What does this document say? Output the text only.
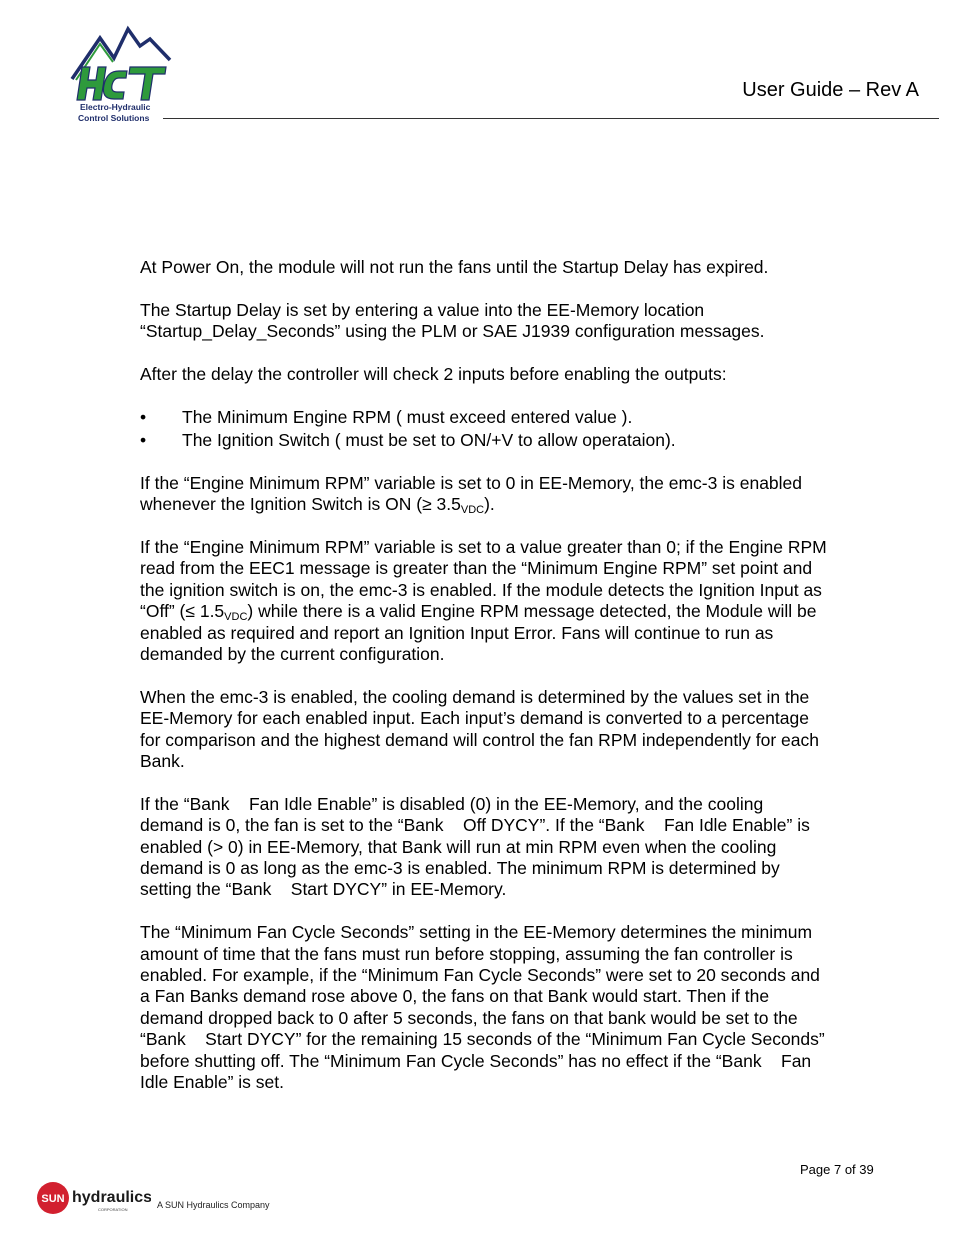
Electro-Hydraulic
Control Solutions
User Guide – Rev A

At Power On, the module will not run the fans until the Startup Delay has expired.

The Startup Delay is set by entering a value into the EE-Memory location “Startup_Delay_Seconds” using the PLM or SAE J1939 configuration messages.

After the delay the controller will check 2 inputs before enabling the outputs:

• The Minimum Engine RPM ( must exceed entered value ).
• The Ignition Switch ( must be set to ON/+V to allow operataion).

If the “Engine Minimum RPM” variable is set to 0 in EE-Memory, the emc-3 is enabled whenever the Ignition Switch is ON (≥ $3.5_{VDC}$).

If the “Engine Minimum RPM” variable is set to a value greater than 0; if the Engine RPM read from the EEC1 message is greater than the “Minimum Engine RPM” set point and the ignition switch is on, the emc-3 is enabled. If the module detects the Ignition Input as “Off” (≤ $1.5_{VDC}$) while there is a valid Engine RPM message detected, the Module will be enabled as required and report an Ignition Input Error. Fans will continue to run as demanded by the current configuration.

When the emc-3 is enabled, the cooling demand is determined by the values set in the EE-Memory for each enabled input. Each input’s demand is converted to a percentage for comparison and the highest demand will control the fan RPM independently for each Bank.

If the “Bank    Fan Idle Enable” is disabled (0) in the EE-Memory, and the cooling demand is 0, the fan is set to the “Bank    Off DYCY”. If the “Bank    Fan Idle Enable” is enabled (> 0) in EE-Memory, that Bank will run at min RPM even when the cooling demand is 0 as long as the emc-3 is enabled. The minimum RPM is determined by setting the “Bank    Start DYCY” in EE-Memory.

The “Minimum Fan Cycle Seconds” setting in the EE-Memory determines the minimum amount of time that the fans must run before stopping, assuming the fan controller is enabled. For example, if the “Minimum Fan Cycle Seconds” were set to 20 seconds and a Fan Banks demand rose above 0, the fans on that Bank would start. Then if the demand dropped back to 0 after 5 seconds, the fans on that bank would be set to the “Bank    Start DYCY” for the remaining 15 seconds of the “Minimum Fan Cycle Seconds” before shutting off. The “Minimum Fan Cycle Seconds” has no effect if the “Bank    Fan Idle Enable” is set.

Page 7 of 39
SUN hydraulics
CORPORATION	A SUN Hydraulics Company
